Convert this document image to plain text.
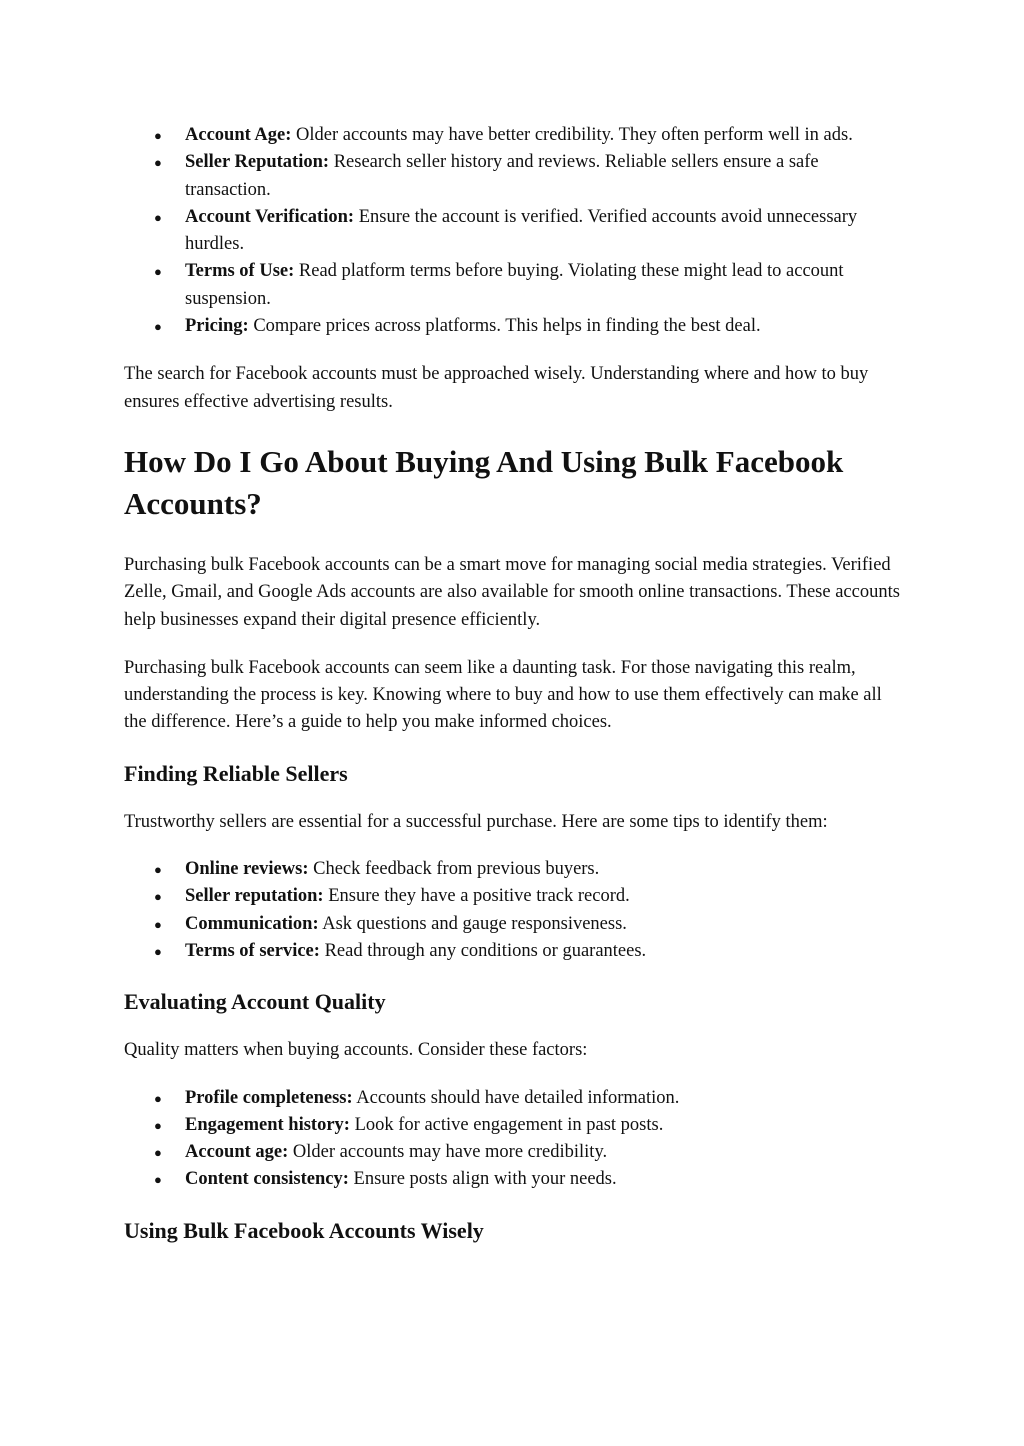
● Account Age: Older accounts may have better credibility. They often perform well in ads.
● Seller Reputation: Research seller history and reviews. Reliable sellers ensure a safe transaction.
● Account Verification: Ensure the account is verified. Verified accounts avoid unnecessary hurdles.
● Terms of Use: Read platform terms before buying. Violating these might lead to account suspension.
● Pricing: Compare prices across platforms. This helps in finding the best deal.

The search for Facebook accounts must be approached wisely. Understanding where and how to buy ensures effective advertising results.

How Do I Go About Buying And Using Bulk Facebook Accounts?

Purchasing bulk Facebook accounts can be a smart move for managing social media strategies. Verified Zelle, Gmail, and Google Ads accounts are also available for smooth online transactions. These accounts help businesses expand their digital presence efficiently.

Purchasing bulk Facebook accounts can seem like a daunting task. For those navigating this realm, understanding the process is key. Knowing where to buy and how to use them effectively can make all the difference. Here’s a guide to help you make informed choices.

Finding Reliable Sellers

Trustworthy sellers are essential for a successful purchase. Here are some tips to identify them:

● Online reviews: Check feedback from previous buyers.
● Seller reputation: Ensure they have a positive track record.
● Communication: Ask questions and gauge responsiveness.
● Terms of service: Read through any conditions or guarantees.
Evaluating Account Quality

Quality matters when buying accounts. Consider these factors:

● Profile completeness: Accounts should have detailed information.
● Engagement history: Look for active engagement in past posts.
● Account age: Older accounts may have more credibility.
● Content consistency: Ensure posts align with your needs.
Using Bulk Facebook Accounts Wisely
